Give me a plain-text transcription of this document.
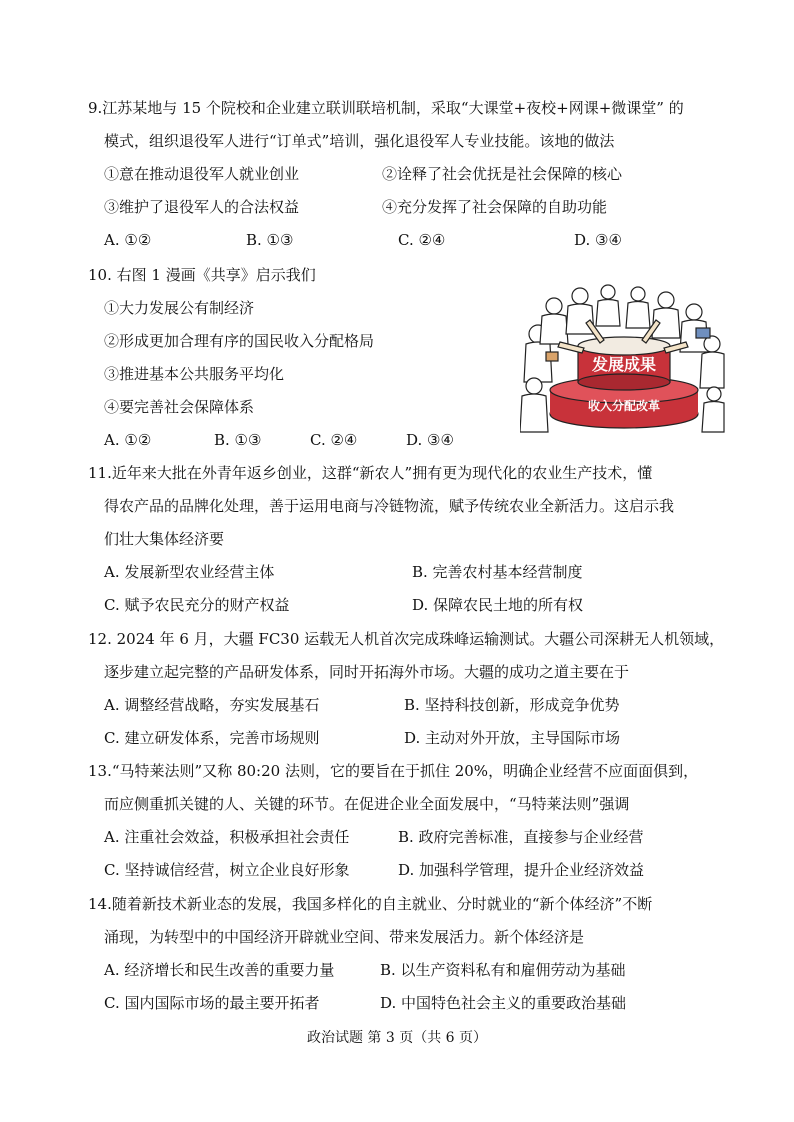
9.江苏某地与 15 个院校和企业建立联训联培机制，采取“大课堂+夜校+网课+微课堂” 的
模式，组织退役军人进行“订单式”培训，强化退役军人专业技能。该地的做法
①意在推动退役军人就业创业	②诠释了社会优抚是社会保障的核心
③维护了退役军人的合法权益	④充分发挥了社会保障的自助功能
A. ①②	B. ①③	C. ②④	D. ③④
10. 右图 1 漫画《共享》启示我们
①大力发展公有制经济
②形成更加合理有序的国民收入分配格局
③推进基本公共服务平均化
④要完善社会保障体系
A. ①②	B. ①③	C. ②④	D. ③④
收入分配改革
发展成果
11.近年来大批在外青年返乡创业，这群“新农人”拥有更为现代化的农业生产技术，懂
得农产品的品牌化处理，善于运用电商与冷链物流，赋予传统农业全新活力。这启示我
们壮大集体经济要
A. 发展新型农业经营主体	B. 完善农村基本经营制度
C. 赋予农民充分的财产权益	D. 保障农民土地的所有权
12. 2024 年 6 月，大疆 FC30 运载无人机首次完成珠峰运输测试。大疆公司深耕无人机领域，
逐步建立起完整的产品研发体系，同时开拓海外市场。大疆的成功之道主要在于
A. 调整经营战略，夯实发展基石	B. 坚持科技创新，形成竞争优势
C. 建立研发体系，完善市场规则	D. 主动对外开放，主导国际市场
13.“马特莱法则”又称 80:20 法则，它的要旨在于抓住 20%，明确企业经营不应面面俱到，
而应侧重抓关键的人、关键的环节。在促进企业全面发展中，“马特莱法则”强调
A. 注重社会效益，积极承担社会责任	B. 政府完善标准，直接参与企业经营
C. 坚持诚信经营，树立企业良好形象	D. 加强科学管理，提升企业经济效益
14.随着新技术新业态的发展，我国多样化的自主就业、分时就业的“新个体经济”不断
涌现，为转型中的中国经济开辟就业空间、带来发展活力。新个体经济是
A. 经济增长和民生改善的重要力量	B. 以生产资料私有和雇佣劳动为基础
C. 国内国际市场的最主要开拓者	D. 中国特色社会主义的重要政治基础
政治试题 第 3 页（共 6 页）
